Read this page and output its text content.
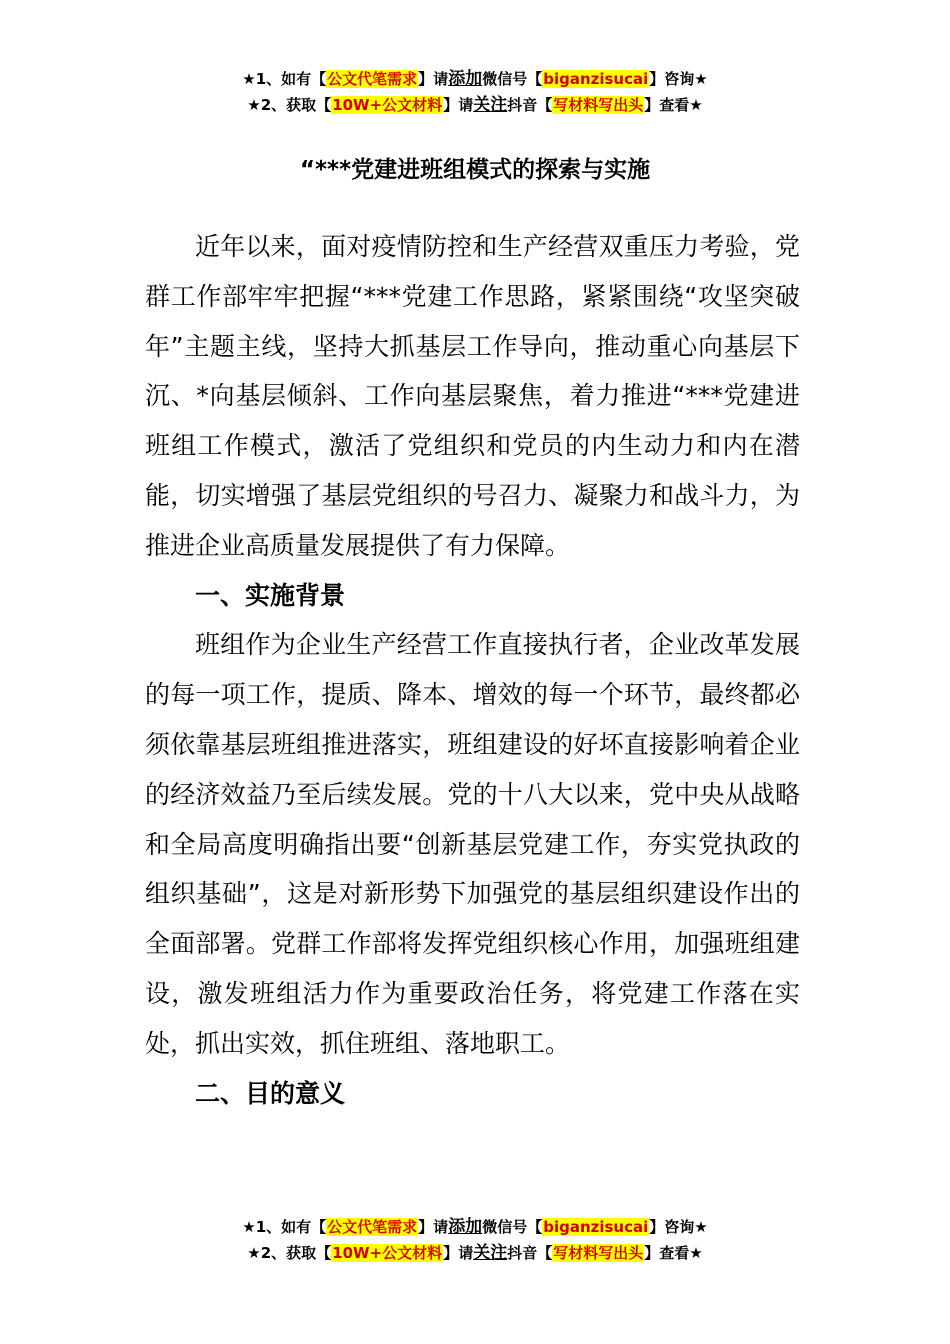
★1、如有【公文代笔需求】请添加微信号【biganzisucai】咨询★
★2、获取【10W+公文材料】请关注抖音【写材料写出头】查看★
“***党建进班组模式的探索与实施

近年以来，面对疫情防控和生产经营双重压力考验，党群工作部牢牢把握“***党建工作思路，紧紧围绕“攻坚突破年”主题主线，坚持大抓基层工作导向，推动重心向基层下沉、*向基层倾斜、工作向基层聚焦，着力推进“***党建进班组工作模式，激活了党组织和党员的内生动力和内在潜能，切实增强了基层党组织的号召力、凝聚力和战斗力，为推进企业高质量发展提供了有力保障。

一、实施背景

班组作为企业生产经营工作直接执行者，企业改革发展的每一项工作，提质、降本、增效的每一个环节，最终都必须依靠基层班组推进落实，班组建设的好坏直接影响着企业的经济效益乃至后续发展。党的十八大以来，党中央从战略和全局高度明确指出要“创新基层党建工作，夯实党执政的组织基础”，这是对新形势下加强党的基层组织建设作出的全面部署。党群工作部将发挥党组织核心作用，加强班组建设，激发班组活力作为重要政治任务，将党建工作落在实处，抓出实效，抓住班组、落地职工。

二、目的意义
★1、如有【公文代笔需求】请添加微信号【biganzisucai】咨询★
★2、获取【10W+公文材料】请关注抖音【写材料写出头】查看★
